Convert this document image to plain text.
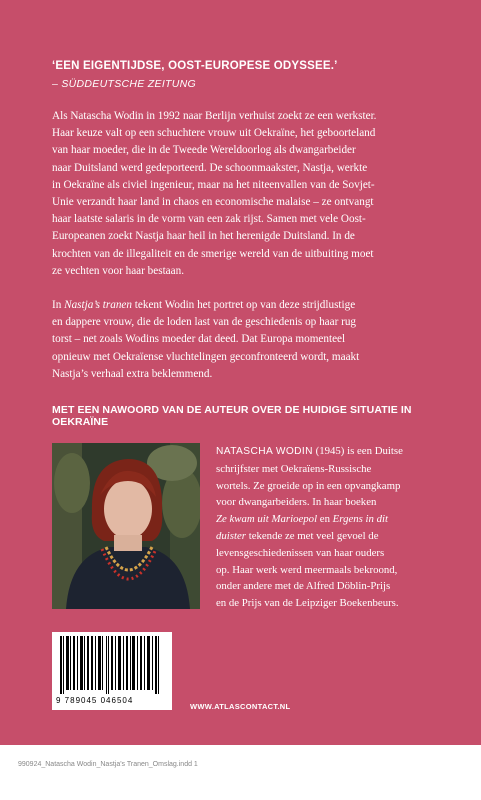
‘EEN EIGENTIJDSE, OOST-EUROPESE ODYSSEE.’
– SÜDDEUTSCHE ZEITUNG

Als Natascha Wodin in 1992 naar Berlijn verhuist zoekt ze een werkster.

Haar keuze valt op een schuchtere vrouw uit Oekraïne, het geboorteland

van haar moeder, die in de Tweede Wereldoorlog als dwangarbeider

naar Duitsland werd gedeporteerd. De schoonmaakster, Nastja, werkte

in Oekraïne als civiel ingenieur, maar na het niteenvallen van de Sovjet-

Unie verzandt haar land in chaos en economische malaise – ze ontvangt

haar laatste salaris in de vorm van een zak rijst. Samen met vele Oost-

Europeanen zoekt Nastja haar heil in het herenigde Duitsland. In de

krochten van de illegaliteit en de smerige wereld van de uitbuiting moet

ze vechten voor haar bestaan.

In Nastja’s tranen tekent Wodin het portret op van deze strijdlustige

en dappere vrouw, die de loden last van de geschiedenis op haar rug

torst – net zoals Wodins moeder dat deed. Dat Europa momenteel

opnieuw met Oekraïense vluchtelingen geconfronteerd wordt, maakt

Nastja’s verhaal extra beklemmend.

MET EEN NAWOORD VAN DE AUTEUR OVER DE HUIDIGE SITUATIE IN OEKRAÏNE
NATASCHA WODIN (1945) is een Duitse
schrijfster met Oekraïens-Russische
wortels. Ze groeide op in een opvangkamp
voor dwangarbeiders. In haar boeken
Ze kwam uit Marioepol en Ergens in dit
duister tekende ze met veel gevoel de
levensgeschiedenissen van haar ouders
op. Haar werk werd meermaals bekroond,
onder andere met de Alfred Döblin-Prijs
en de Prijs van de Leipziger Boekenbeurs.
9 789045 046504
WWW.ATLASCONTACT.NL
990924_Natascha Wodin_Nastja's Tranen_Omslag.indd 1
